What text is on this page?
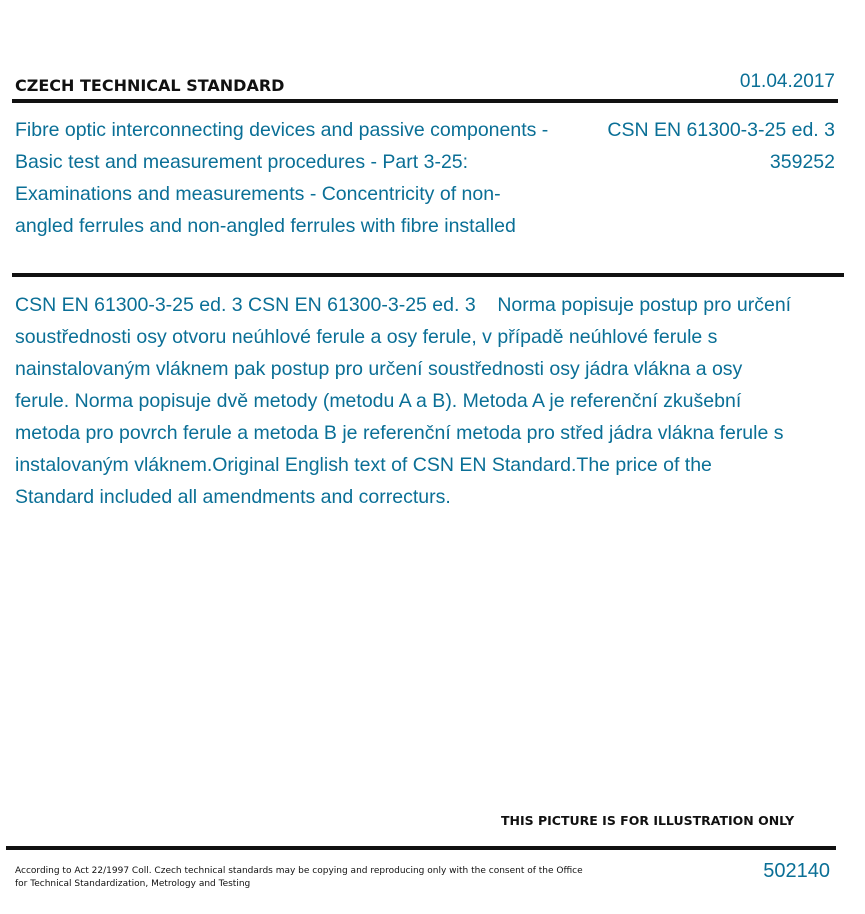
CZECH TECHNICAL STANDARD	01.04.2017
Fibre optic interconnecting devices and passive components - Basic test and measurement procedures - Part 3-25: Examinations and measurements - Concentricity of non-angled ferrules and non-angled ferrules with fibre installed
CSN EN 61300-3-25 ed. 3
359252
CSN EN 61300-3-25 ed. 3 CSN EN 61300-3-25 ed. 3    Norma popisuje postup pro určení soustřednosti osy otvoru neúhlové ferule a osy ferule, v případě neúhlové ferule s nainstalovaným vláknem pak postup pro určení soustřednosti osy jádra vlákna a osy ferule. Norma popisuje dvě metody (metodu A a B). Metoda A je referenční zkušební metoda pro povrch ferule a metoda B je referenční metoda pro střed jádra vlákna ferule s instalovaným vláknem.Original English text of CSN EN Standard.The price of the Standard included all amendments and correcturs.
THIS PICTURE IS FOR ILLUSTRATION ONLY
According to Act 22/1997 Coll. Czech technical standards may be copying and reproducing only with the consent of the Office for Technical Standardization, Metrology and Testing
502140
